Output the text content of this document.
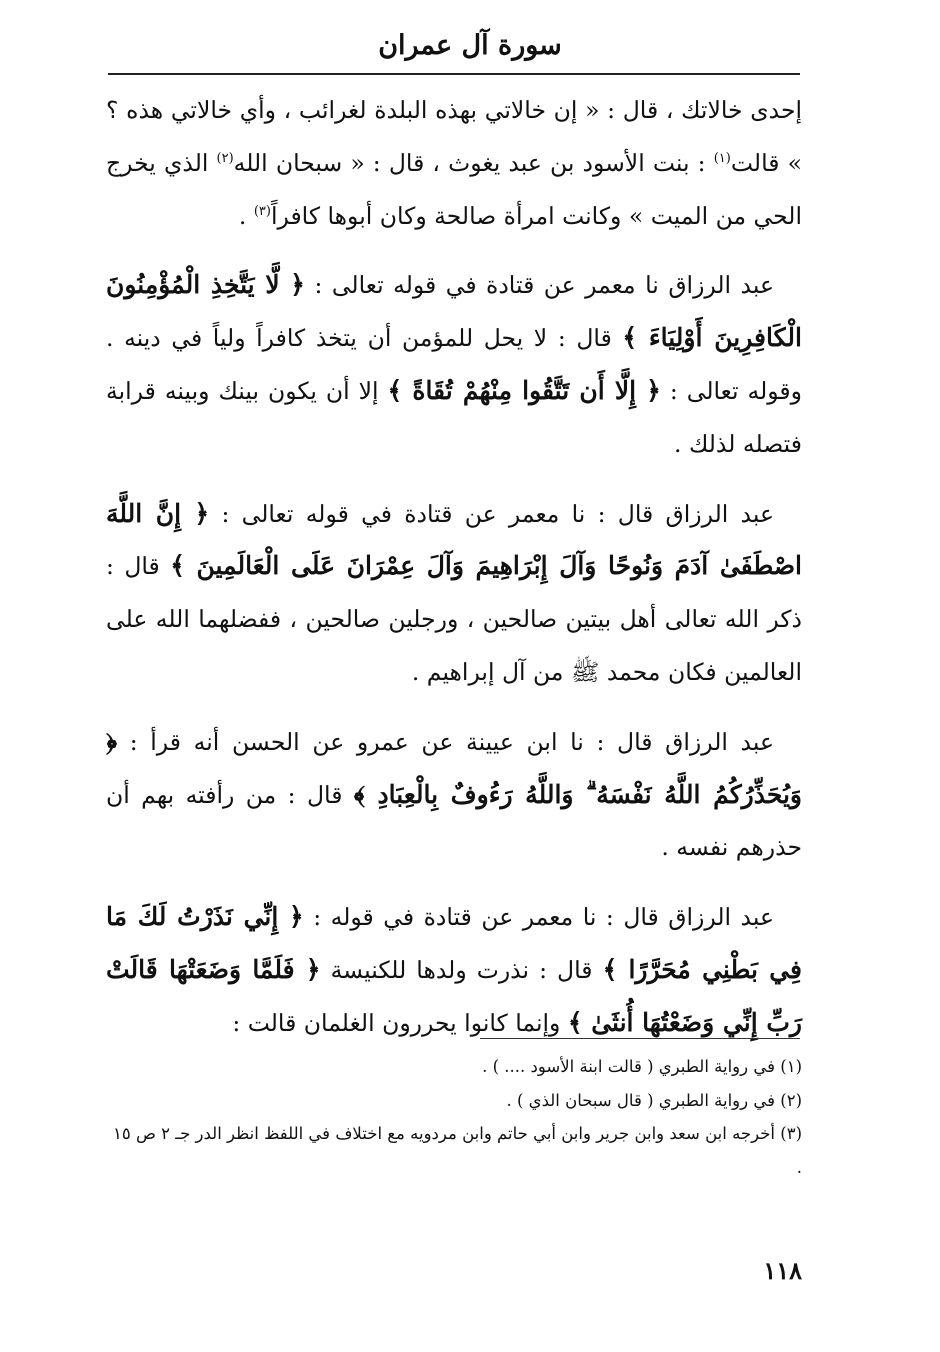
سورة آل عمران

إحدى خالاتك ، قال : « إن خالاتي بهذه البلدة لغرائب ، وأي خالاتي هذه ؟ » قالت$^{(١)}$ : بنت الأسود بن عبد يغوث ، قال : « سبحان الله$^{(٢)}$ الذي يخرج الحي من الميت » وكانت امرأة صالحة وكان أبوها كافراً$^{(٣)}$ .

عبد الرزاق نا معمر عن قتادة في قوله تعالى : ﴿ لَّا يَتَّخِذِ الْمُؤْمِنُونَ الْكَافِرِينَ أَوْلِيَاءَ ﴾ قال : لا يحل للمؤمن أن يتخذ كافراً ولياً في دينه . وقوله تعالى : ﴿ إِلَّا أَن تَتَّقُوا مِنْهُمْ تُقَاةً ﴾ إلا أن يكون بينك وبينه قرابة فتصله لذلك .

عبد الرزاق قال : نا معمر عن قتادة في قوله تعالى : ﴿ إِنَّ اللَّهَ اصْطَفَىٰ آدَمَ وَنُوحًا وَآلَ إِبْرَاهِيمَ وَآلَ عِمْرَانَ عَلَى الْعَالَمِينَ ﴾ قال : ذكر الله تعالى أهل بيتين صالحين ، ورجلين صالحين ، ففضلهما الله على العالمين فكان محمد ﷺ من آل إبراهيم .

عبد الرزاق قال : نا ابن عيينة عن عمرو عن الحسن أنه قرأ : ﴿ وَيُحَذِّرُكُمُ اللَّهُ نَفْسَهُ ۗ وَاللَّهُ رَءُوفٌ بِالْعِبَادِ ﴾ قال : من رأفته بهم أن حذرهم نفسه .

عبد الرزاق قال : نا معمر عن قتادة في قوله : ﴿ إِنِّي نَذَرْتُ لَكَ مَا فِي بَطْنِي مُحَرَّرًا ﴾ قال : نذرت ولدها للكنيسة ﴿ فَلَمَّا وَضَعَتْهَا قَالَتْ رَبِّ إِنِّي وَضَعْتُهَا أُنثَىٰ ﴾ وإنما كانوا يحررون الغلمان قالت :

(١) في رواية الطبري ( قالت ابنة الأسود .... ) .

(٢) في رواية الطبري ( قال سبحان الذي ) .

(٣) أخرجه ابن سعد وابن جرير وابن أبي حاتم وابن مردويه مع اختلاف في اللفظ انظر الدر جـ ٢ ص ١٥ .

١١٨
